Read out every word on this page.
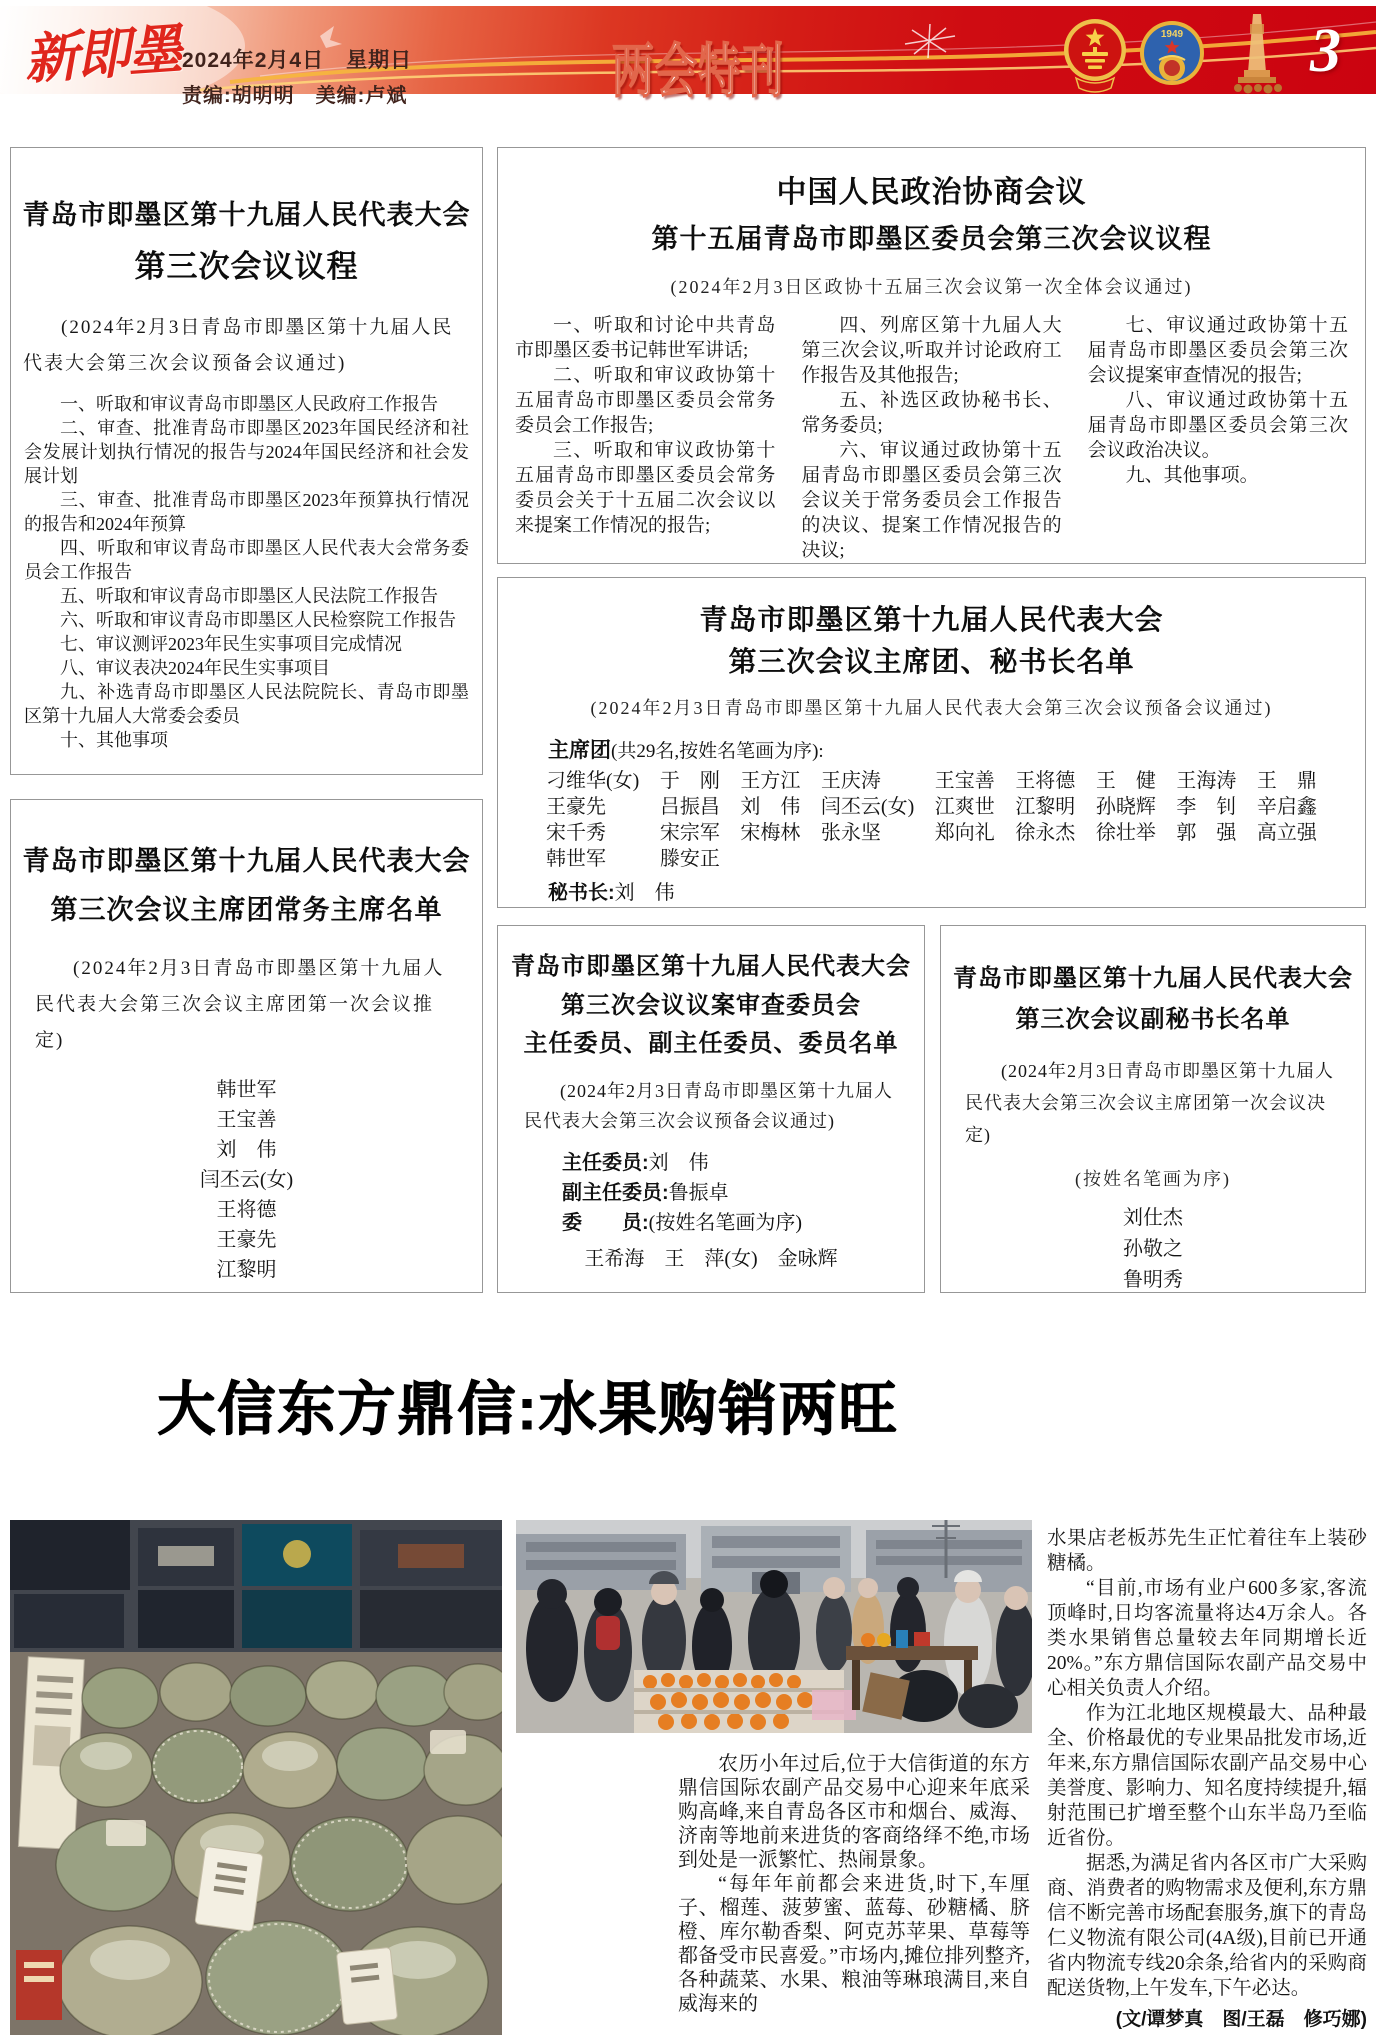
新即墨 2024年2月4日　星期日
责编:胡明明　美编:卢斌	两会特刊
1949 3
青岛市即墨区第十九届人民代表大会
第三次会议议程
(2024年2月3日青岛市即墨区第十九届人民代表大会第三次会议预备会议通过)
一、听取和审议青岛市即墨区人民政府工作报告
二、审查、批准青岛市即墨区2023年国民经济和社会发展计划执行情况的报告与2024年国民经济和社会发展计划
三、审查、批准青岛市即墨区2023年预算执行情况的报告和2024年预算
四、听取和审议青岛市即墨区人民代表大会常务委员会工作报告
五、听取和审议青岛市即墨区人民法院工作报告
六、听取和审议青岛市即墨区人民检察院工作报告
七、审议测评2023年民生实事项目完成情况
八、审议表决2024年民生实事项目
九、补选青岛市即墨区人民法院院长、青岛市即墨区第十九届人大常委会委员
十、其他事项
中国人民政治协商会议
第十五届青岛市即墨区委员会第三次会议议程
(2024年2月3日区政协十五届三次会议第一次全体会议通过)
一、听取和讨论中共青岛市即墨区委书记韩世军讲话;
二、听取和审议政协第十五届青岛市即墨区委员会常务委员会工作报告;
三、听取和审议政协第十五届青岛市即墨区委员会常务委员会关于十五届二次会议以来提案工作情况的报告;
四、列席区第十九届人大第三次会议,听取并讨论政府工作报告及其他报告;
五、补选区政协秘书长、常务委员;
六、审议通过政协第十五届青岛市即墨区委员会第三次会议关于常务委员会工作报告的决议、提案工作情况报告的决议;
七、审议通过政协第十五届青岛市即墨区委员会第三次会议提案审查情况的报告;
八、审议通过政协第十五届青岛市即墨区委员会第三次会议政治决议。
九、其他事项。
青岛市即墨区第十九届人民代表大会
第三次会议主席团、秘书长名单
(2024年2月3日青岛市即墨区第十九届人民代表大会第三次会议预备会议通过)
主席团(共29名,按姓名笔画为序):
刁维华(女) 于　刚 王方江 王庆涛	王宝善 王将德 王　健 王海涛 王　鼎
王豪先	吕振昌 刘　伟 闫丕云(女) 江爽世 江黎明 孙晓辉 李　钊 辛启鑫
宋千秀	宋宗军 宋梅林 张永坚	郑向礼 徐永杰 徐壮举 郭　强 高立强
韩世军	滕安正
秘书长:刘　伟
青岛市即墨区第十九届人民代表大会
第三次会议主席团常务主席名单
(2024年2月3日青岛市即墨区第十九届人民代表大会第三次会议主席团第一次会议推定)
韩世军
王宝善
刘　伟
闫丕云(女)
王将德
王豪先
江黎明
青岛市即墨区第十九届人民代表大会
第三次会议议案审查委员会
主任委员、副主任委员、委员名单
(2024年2月3日青岛市即墨区第十九届人民代表大会第三次会议预备会议通过)
主任委员:刘　伟
副主任委员:鲁振卓
委　　员:(按姓名笔画为序)
王希海　王　萍(女)　金咏辉
青岛市即墨区第十九届人民代表大会
第三次会议副秘书长名单
(2024年2月3日青岛市即墨区第十九届人民代表大会第三次会议主席团第一次会议决定)
(按姓名笔画为序)
刘仕杰
孙敬之
鲁明秀
大信东方鼎信:水果购销两旺
农历小年过后,位于大信街道的东方鼎信国际农副产品交易中心迎来年底采购高峰,来自青岛各区市和烟台、威海、济南等地前来进货的客商络绎不绝,市场到处是一派繁忙、热闹景象。
“每年年前都会来进货,时下,车厘子、榴莲、菠萝蜜、蓝莓、砂糖橘、脐橙、库尔勒香梨、阿克苏苹果、草莓等都备受市民喜爱。”市场内,摊位排列整齐,各种蔬菜、水果、粮油等琳琅满目,来自威海来的
水果店老板苏先生正忙着往车上装砂糖橘。
“目前,市场有业户600多家,客流顶峰时,日均客流量将达4万余人。各类水果销售总量较去年同期增长近20%。”东方鼎信国际农副产品交易中心相关负责人介绍。
作为江北地区规模最大、品种最全、价格最优的专业果品批发市场,近年来,东方鼎信国际农副产品交易中心美誉度、影响力、知名度持续提升,辐射范围已扩增至整个山东半岛乃至临近省份。
据悉,为满足省内各区市广大采购商、消费者的购物需求及便利,东方鼎信不断完善市场配套服务,旗下的青岛仁义物流有限公司(4A级),目前已开通省内物流专线20余条,给省内的采购商配送货物,上午发车,下午必达。
(文/谭梦真　图/王磊　修巧娜)
